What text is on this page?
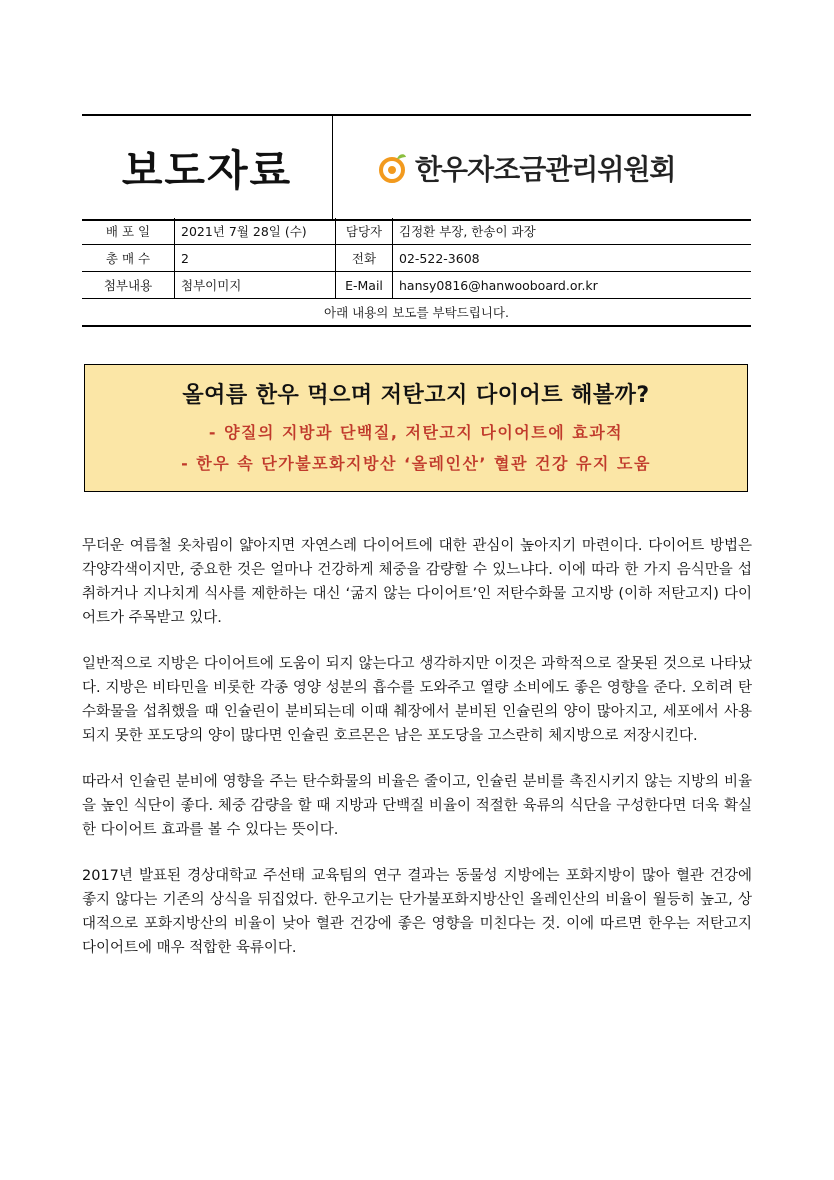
보도자료	한우자조금관리위원회
배 포 일	2021년 7월 28일 (수)	담당자	김정환 부장, 한송이 과장
총 매 수	2	전화	02-522-3608
첨부내용	첨부이미지	E-Mail	hansy0816@hanwooboard.or.kr
아래 내용의 보도를 부탁드립니다.			
올여름 한우 먹으며 저탄고지 다이어트 해볼까?
- 양질의 지방과 단백질, 저탄고지 다이어트에 효과적
- 한우 속 단가불포화지방산 ‘올레인산’ 혈관 건강 유지 도움

무더운 여름철 옷차림이 얇아지면 자연스레 다이어트에 대한 관심이 높아지기 마련이다. 다이어트 방법은 각양각색이지만, 중요한 것은 얼마나 건강하게 체중을 감량할 수 있느냐다. 이에 따라 한 가지 음식만을 섭취하거나 지나치게 식사를 제한하는 대신 ‘굶지 않는 다이어트’인 저탄수화물 고지방 (이하 저탄고지) 다이어트가 주목받고 있다.

일반적으로 지방은 다이어트에 도움이 되지 않는다고 생각하지만 이것은 과학적으로 잘못된 것으로 나타났다. 지방은 비타민을 비롯한 각종 영양 성분의 흡수를 도와주고 열량 소비에도 좋은 영향을 준다. 오히려 탄수화물을 섭취했을 때 인슐린이 분비되는데 이때 췌장에서 분비된 인슐린의 양이 많아지고, 세포에서 사용되지 못한 포도당의 양이 많다면 인슐린 호르몬은 남은 포도당을 고스란히 체지방으로 저장시킨다.

따라서 인슐린 분비에 영향을 주는 탄수화물의 비율은 줄이고, 인슐린 분비를 촉진시키지 않는 지방의 비율을 높인 식단이 좋다. 체중 감량을 할 때 지방과 단백질 비율이 적절한 육류의 식단을 구성한다면 더욱 확실한 다이어트 효과를 볼 수 있다는 뜻이다.

2017년 발표된 경상대학교 주선태 교육팀의 연구 결과는 동물성 지방에는 포화지방이 많아 혈관 건강에 좋지 않다는 기존의 상식을 뒤집었다. 한우고기는 단가불포화지방산인 올레인산의 비율이 월등히 높고, 상대적으로 포화지방산의 비율이 낮아 혈관 건강에 좋은 영향을 미친다는 것. 이에 따르면 한우는 저탄고지 다이어트에 매우 적합한 육류이다.
